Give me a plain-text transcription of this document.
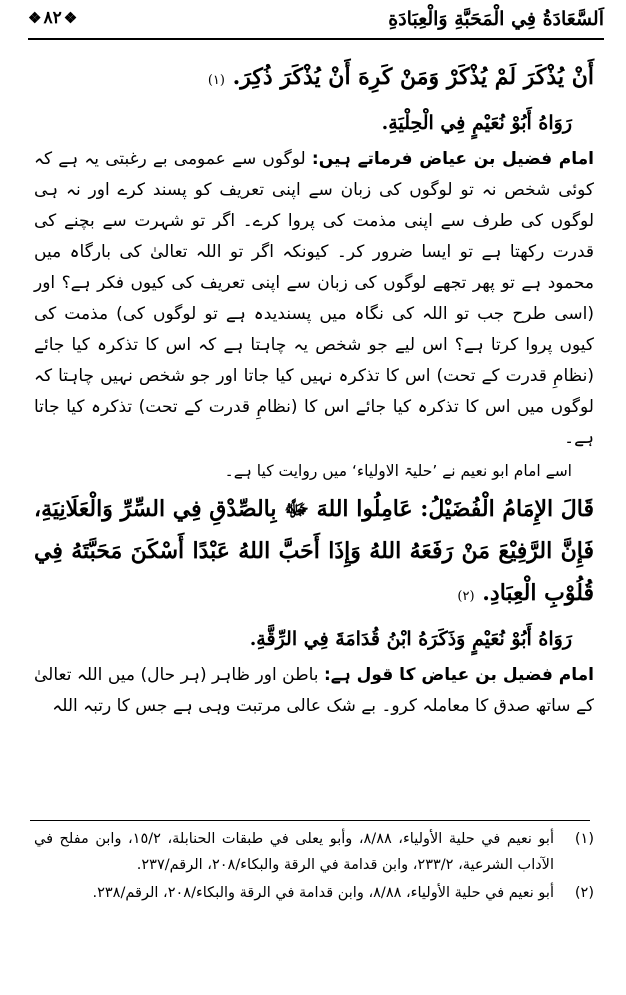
اَلسَّعَادَةُ فِي الْمَحَبَّةِ وَالْعِبَادَةِ
❖ ٨٢ ❖

أَنْ يُذْكَرَ لَمْ يُذْكَرْ وَمَنْ كَرِهَ أَنْ يُذْكَرَ ذُكِرَ. (١)

رَوَاهُ أَبُوْ نُعَيْمٍ فِي الْحِلْيَةِ.

امام فضیل بن عیاض فرماتے ہیں: لوگوں سے عمومی بے رغبتی یہ ہے کہ کوئی شخص نہ تو لوگوں کی زبان سے اپنی تعریف کو پسند کرے اور نہ ہی لوگوں کی طرف سے اپنی مذمت کی پروا کرے۔ اگر تو شہرت سے بچنے کی قدرت رکھتا ہے تو ایسا ضرور کر۔ کیونکہ اگر تو اللہ تعالیٰ کی بارگاہ میں محمود ہے تو پھر تجھے لوگوں کی زبان سے اپنی تعریف کی کیوں فکر ہے؟ اور (اسی طرح جب تو اللہ کی نگاہ میں پسندیدہ ہے تو لوگوں کی) مذمت کی کیوں پروا کرتا ہے؟ اس لیے جو شخص یہ چاہتا ہے کہ اس کا تذکرہ کیا جائے (نظامِ قدرت کے تحت) اس کا تذکرہ نہیں کیا جاتا اور جو شخص نہیں چاہتا کہ لوگوں میں اس کا تذکرہ کیا جائے اس کا (نظامِ قدرت کے تحت) تذکرہ کیا جاتا ہے۔

اسے امام ابو نعیم نے ’حلیۃ الاولیاء‘ میں روایت کیا ہے۔

قَالَ الإِمَامُ الْفُضَيْلُ: عَامِلُوا اللهَ ﷻ بِالصِّدْقِ فِي السِّرِّ وَالْعَلَانِيَةِ، فَإِنَّ الرَّفِيْعَ مَنْ رَفَعَهُ اللهُ وَإِذَا أَحَبَّ اللهُ عَبْدًا أَسْكَنَ مَحَبَّتَهُ فِي قُلُوْبِ الْعِبَادِ. (٢)

رَوَاهُ أَبُوْ نُعَيْمٍ وَذَكَرَهُ ابْنُ قُدَامَةَ فِي الرِّقَّةِ.

امام فضیل بن عیاض کا قول ہے: باطن اور ظاہر (ہر حال) میں اللہ تعالیٰ کے ساتھ صدق کا معاملہ کرو۔ بے شک عالی مرتبت وہی ہے جس کا رتبہ اللہ

(١)
أبو نعيم في حلية الأولياء، ٨/٨٨، وأبو يعلى في طبقات الحنابلة، ١٥/٢، وابن مفلح في الآداب الشرعية، ٢٣٣/٢، وابن قدامة في الرقة والبكاء/٢٠٨، الرقم/٢٣٧.
(٢)
أبو نعيم في حلية الأولياء، ٨/٨٨، وابن قدامة في الرقة والبكاء/٢٠٨، الرقم/٢٣٨.
